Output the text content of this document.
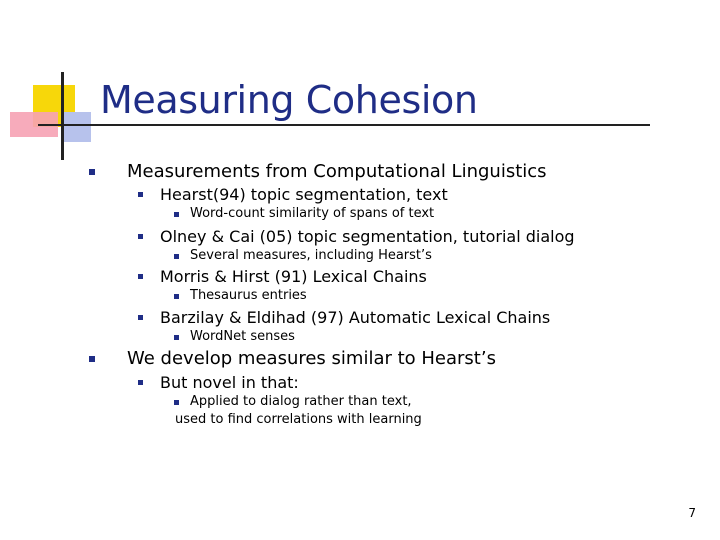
Measuring Cohesion
Measurements from Computational Linguistics
Hearst(94) topic segmentation, text
Word-count similarity of spans of text
Olney & Cai (05) topic segmentation, tutorial dialog
Several measures, including Hearst’s
Morris & Hirst (91) Lexical Chains
Thesaurus entries
Barzilay & Eldihad (97) Automatic Lexical Chains
WordNet senses
We develop measures similar to Hearst’s
But novel in that:
Applied to dialog rather than text,
used to find correlations with learning
7
